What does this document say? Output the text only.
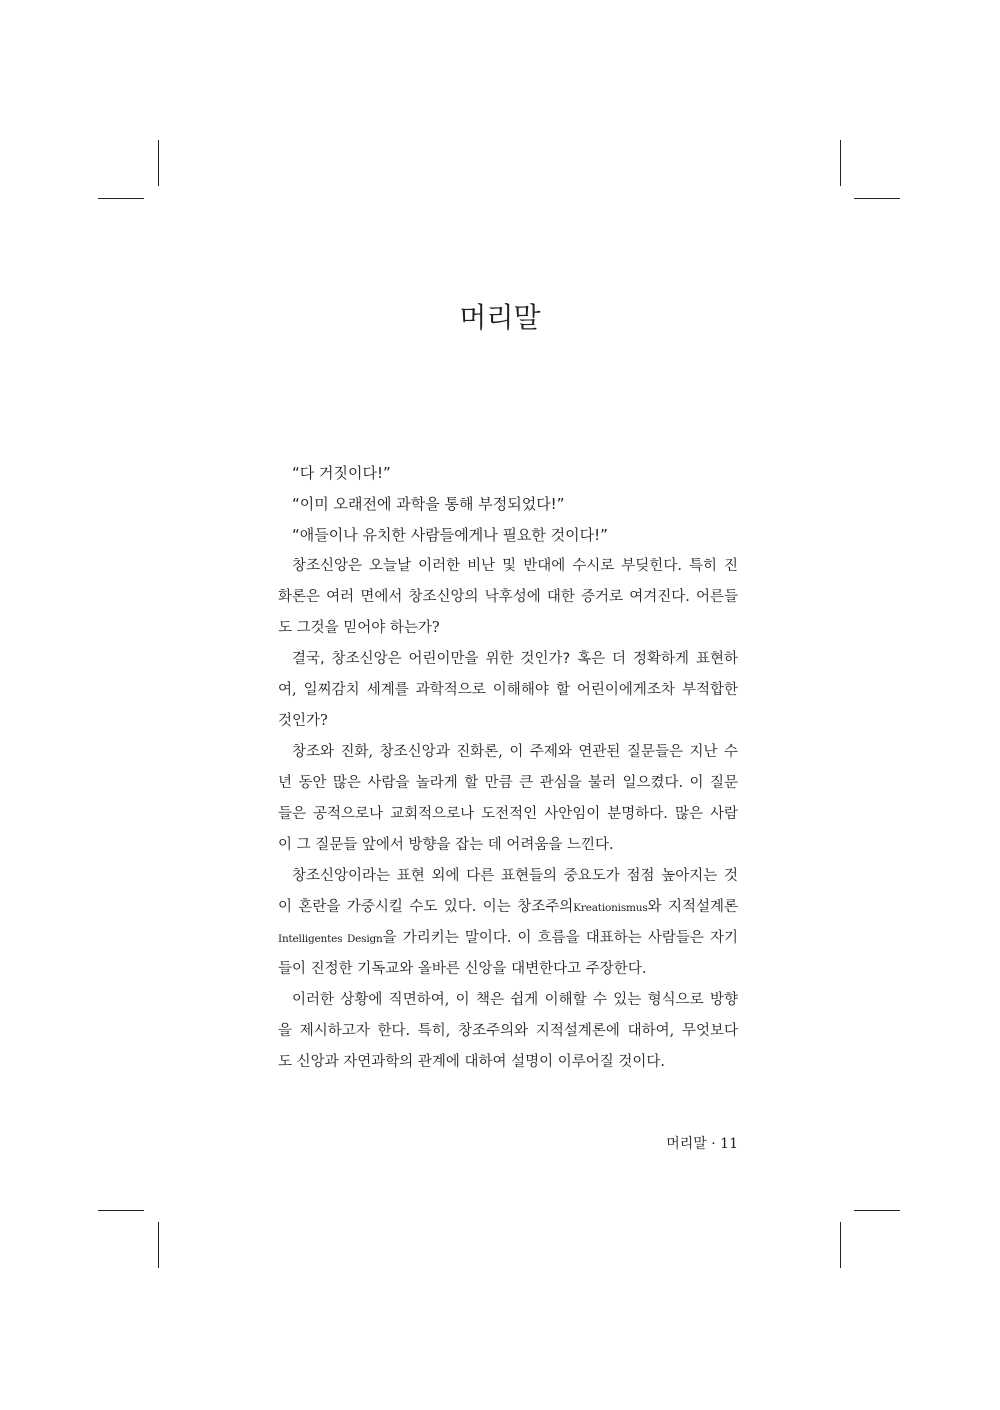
머리말
“다 거짓이다!”
“이미 오래전에 과학을 통해 부정되었다!”
“애들이나 유치한 사람들에게나 필요한 것이다!”
창조신앙은 오늘날 이러한 비난 및 반대에 수시로 부딪힌다. 특히 진
화론은 여러 면에서 창조신앙의 낙후성에 대한 증거로 여겨진다. 어른들
도 그것을 믿어야 하는가?
결국, 창조신앙은 어린이만을 위한 것인가? 혹은 더 정확하게 표현하
여, 일찌감치 세계를 과학적으로 이해해야 할 어린이에게조차 부적합한
것인가?
창조와 진화, 창조신앙과 진화론, 이 주제와 연관된 질문들은 지난 수
년 동안 많은 사람을 놀라게 할 만큼 큰 관심을 불러 일으켰다. 이 질문
들은 공적으로나 교회적으로나 도전적인 사안임이 분명하다. 많은 사람
이 그 질문들 앞에서 방향을 잡는 데 어려움을 느낀다.
창조신앙이라는 표현 외에 다른 표현들의 중요도가 점점 높아지는 것
이 혼란을 가중시킬 수도 있다. 이는 창조주의Kreationismus와 지적설계론
Intelligentes Design을 가리키는 말이다. 이 흐름을 대표하는 사람들은 자기
들이 진정한 기독교와 올바른 신앙을 대변한다고 주장한다.
이러한 상황에 직면하여, 이 책은 쉽게 이해할 수 있는 형식으로 방향
을 제시하고자 한다. 특히, 창조주의와 지적설계론에 대하여, 무엇보다
도 신앙과 자연과학의 관계에 대하여 설명이 이루어질 것이다.
머리말 · 11
